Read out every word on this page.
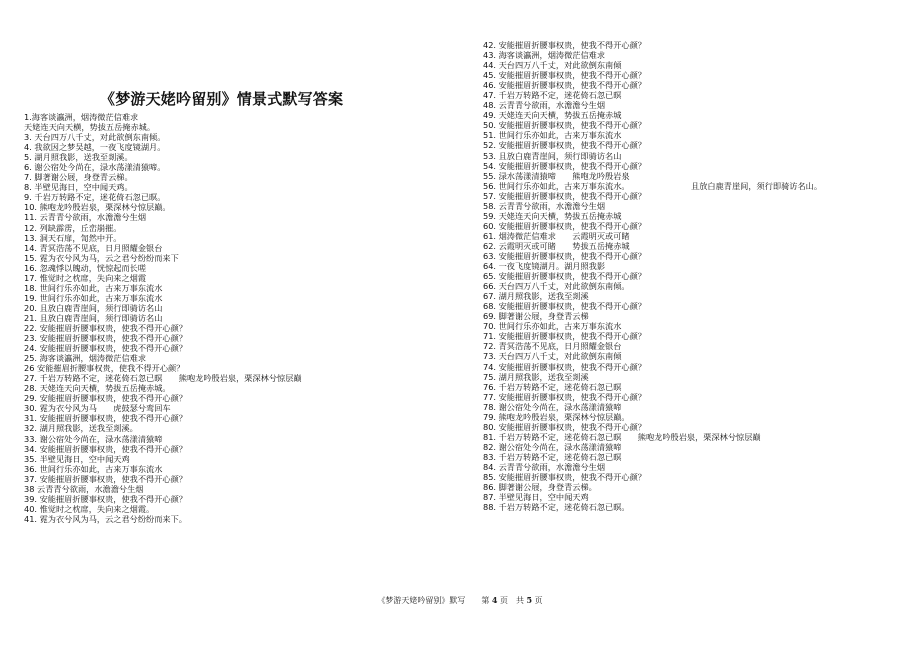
《梦游天姥吟留别》情景式默写答案
1.海客谈瀛洲，烟涛微茫信难求
天姥连天向天横，势拔五岳掩赤城。
3. 天台四万八千丈，对此欲倒东南倾。
4. 我欲因之梦吴越，一夜飞度镜湖月。
5. 湖月照我影，送我至剡溪。
6. 谢公宿处今尚在，渌水荡漾清猿啼。
7. 脚著谢公屐，身登青云梯。
8. 半壁见海日，空中闻天鸡。
9. 千岩万转路不定，迷花倚石忽已暝。
10. 熊咆龙吟殷岩泉，栗深林兮惊层巅。
11. 云青青兮欲雨，水澹澹兮生烟
12. 列缺霹雳，丘峦崩摧。
13. 洞天石扉，訇然中开。
14. 青冥浩荡不见底，日月照耀金银台
15. 霓为衣兮风为马，云之君兮纷纷而来下
16. 忽魂悸以魄动，恍惊起而长嗟
17. 惟觉时之枕席，失向来之烟霞
18. 世间行乐亦如此，古来万事东流水
19. 世间行乐亦如此，古来万事东流水
20. 且放白鹿青崖间，须行即骑访名山
21. 且放白鹿青崖间，须行即骑访名山
22. 安能摧眉折腰事权贵，使我不得开心颜？
23. 安能摧眉折腰事权贵，使我不得开心颜？
24. 安能摧眉折腰事权贵，使我不得开心颜？
25. 海客谈瀛洲，烟涛微茫信难求
26 安能摧眉折腰事权贵，使我不得开心颜？
27. 千岩万转路不定，迷花倚石忽已暝　　熊咆龙吟殷岩泉，栗深林兮惊层巅
28. 天姥连天向天横，势拔五岳掩赤城。
29. 安能摧眉折腰事权贵，使我不得开心颜？
30. 霓为衣兮风为马　　虎鼓瑟兮鸾回车
31. 安能摧眉折腰事权贵，使我不得开心颜？
32. 湖月照我影，送我至剡溪。
33. 谢公宿处今尚在，渌水荡漾清猿啼
34. 安能摧眉折腰事权贵，使我不得开心颜？
35. 半壁见海日，空中闻天鸡
36. 世间行乐亦如此，古来万事东流水
37. 安能摧眉折腰事权贵，使我不得开心颜？
38 云青青兮欲雨，水澹澹兮生烟
39. 安能摧眉折腰事权贵，使我不得开心颜？
40. 惟觉时之枕席，失向来之烟霞。
41. 霓为衣兮风为马，云之君兮纷纷而来下。
42. 安能摧眉折腰事权贵，使我不得开心颜？
43. 海客谈瀛洲，烟涛微茫信难求
44. 天台四万八千丈，对此欲倒东南倾
45. 安能摧眉折腰事权贵，使我不得开心颜？
46. 安能摧眉折腰事权贵，使我不得开心颜？
47. 千岩万转路不定，迷花倚石忽已暝
48. 云青青兮欲雨，水澹澹兮生烟
49. 天姥连天向天横，势拔五岳掩赤城
50. 安能摧眉折腰事权贵，使我不得开心颜？
51. 世间行乐亦如此，古来万事东流水
52. 安能摧眉折腰事权贵，使我不得开心颜？
53. 且放白鹿青崖间，须行即骑访名山
54. 安能摧眉折腰事权贵，使我不得开心颜？
55. 渌水荡漾清猿啼　　熊咆龙吟殷岩泉
56. 世间行乐亦如此，古来万事东流水。　　　　　　　　且放白鹿青崖间，须行即骑访名山。
57. 安能摧眉折腰事权贵，使我不得开心颜？
58. 云青青兮欲雨，水澹澹兮生烟
59. 天姥连天向天横，势拔五岳掩赤城
60. 安能摧眉折腰事权贵，使我不得开心颜？
61. 烟涛微茫信难求　　云霞明灭或可睹
62. 云霞明灭或可睹　　势拔五岳掩赤城
63. 安能摧眉折腰事权贵，使我不得开心颜？
64. 一夜飞度镜湖月。湖月照我影
65. 安能摧眉折腰事权贵，使我不得开心颜？
66. 天台四万八千丈，对此欲倒东南倾。
67. 湖月照我影，送我至剡溪
68. 安能摧眉折腰事权贵，使我不得开心颜？
69. 脚著谢公屐，身登青云梯
70. 世间行乐亦如此，古来万事东流水
71. 安能摧眉折腰事权贵，使我不得开心颜？
72. 青冥浩荡不见底，日月照耀金银台
73. 天台四万八千丈，对此欲倒东南倾
74. 安能摧眉折腰事权贵，使我不得开心颜？
75. 湖月照我影，送我至剡溪
76. 千岩万转路不定，迷花倚石忽已暝
77. 安能摧眉折腰事权贵，使我不得开心颜？
78. 谢公宿处今尚在，渌水荡漾清猿啼
79. 熊咆龙吟殷岩泉，栗深林兮惊层巅。
80. 安能摧眉折腰事权贵，使我不得开心颜？
81. 千岩万转路不定，迷花倚石忽已暝　　熊咆龙吟殷岩泉，栗深林兮惊层巅
82. 谢公宿处今尚在，渌水荡漾清猿啼
83. 千岩万转路不定，迷花倚石忽已暝
84. 云青青兮欲雨，水澹澹兮生烟
85. 安能摧眉折腰事权贵，使我不得开心颜？
86. 脚著谢公屐，身登青云梯。
87. 半壁见海日，空中闻天鸡
88. 千岩万转路不定，迷花倚石忽已暝。
《梦游天姥吟留别》默写　　第 4 页　共 5 页
